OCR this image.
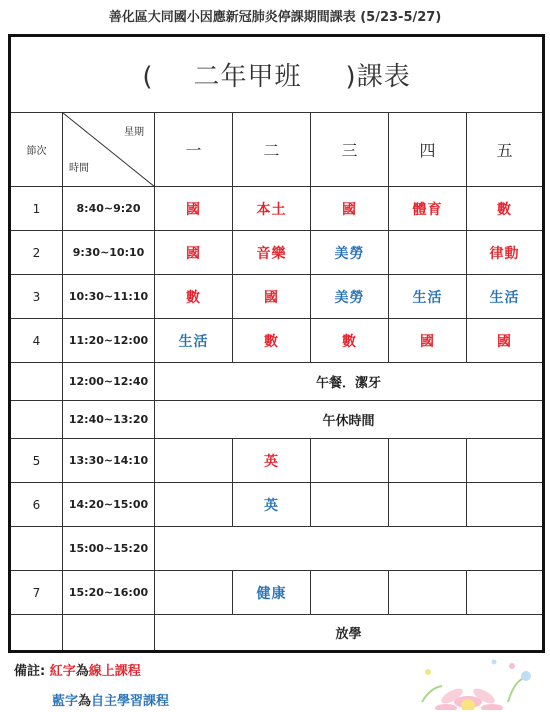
善化區大同國小因應新冠肺炎停課期間課表 (5/23-5/27)
( 二年甲班 )課表						
節次	星期
時間	一	二	三	四	五
1	8:40~9:20	國	本土	國	體育	數
2	9:30~10:10	國	音樂	美勞		律動
3	10:30~11:10	數	國	美勞	生活	生活
4	11:20~12:00	生活	數	數	國	國
	12:00~12:40	午餐．潔牙				
	12:40~13:20	午休時間				
5	13:30~14:10		英			
6	14:20~15:00		英			
	15:00~15:20					
7	15:20~16:00		健康			
		放學				
備註: 紅字為線上課程
藍字為自主學習課程
